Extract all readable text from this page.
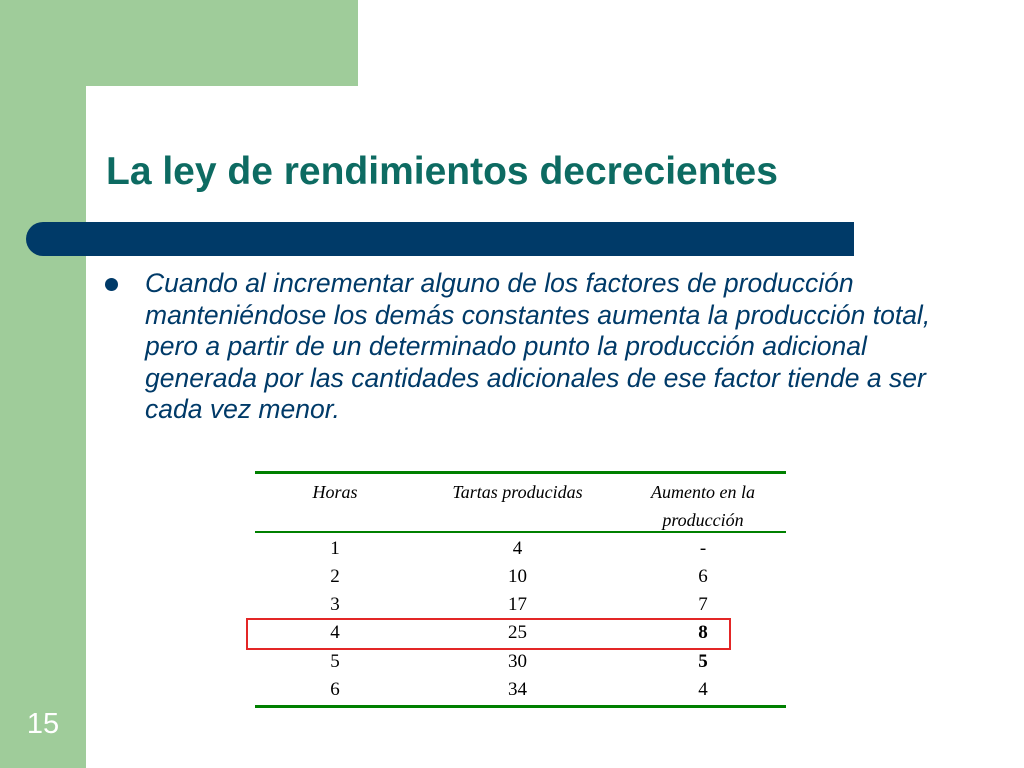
La ley de rendimientos decrecientes

Cuando al incrementar alguno de los factores de producción manteniéndose los demás constantes aumenta la producción total, pero a partir de un determinado punto la producción adicional generada por las cantidades adicionales de ese factor tiende a ser cada vez menor.

Horas	Tartas producidas	Aumento en la producción
1	4	-
2	10	6
3	17	7
4	25	8
5	30	5
6	34	4
15
